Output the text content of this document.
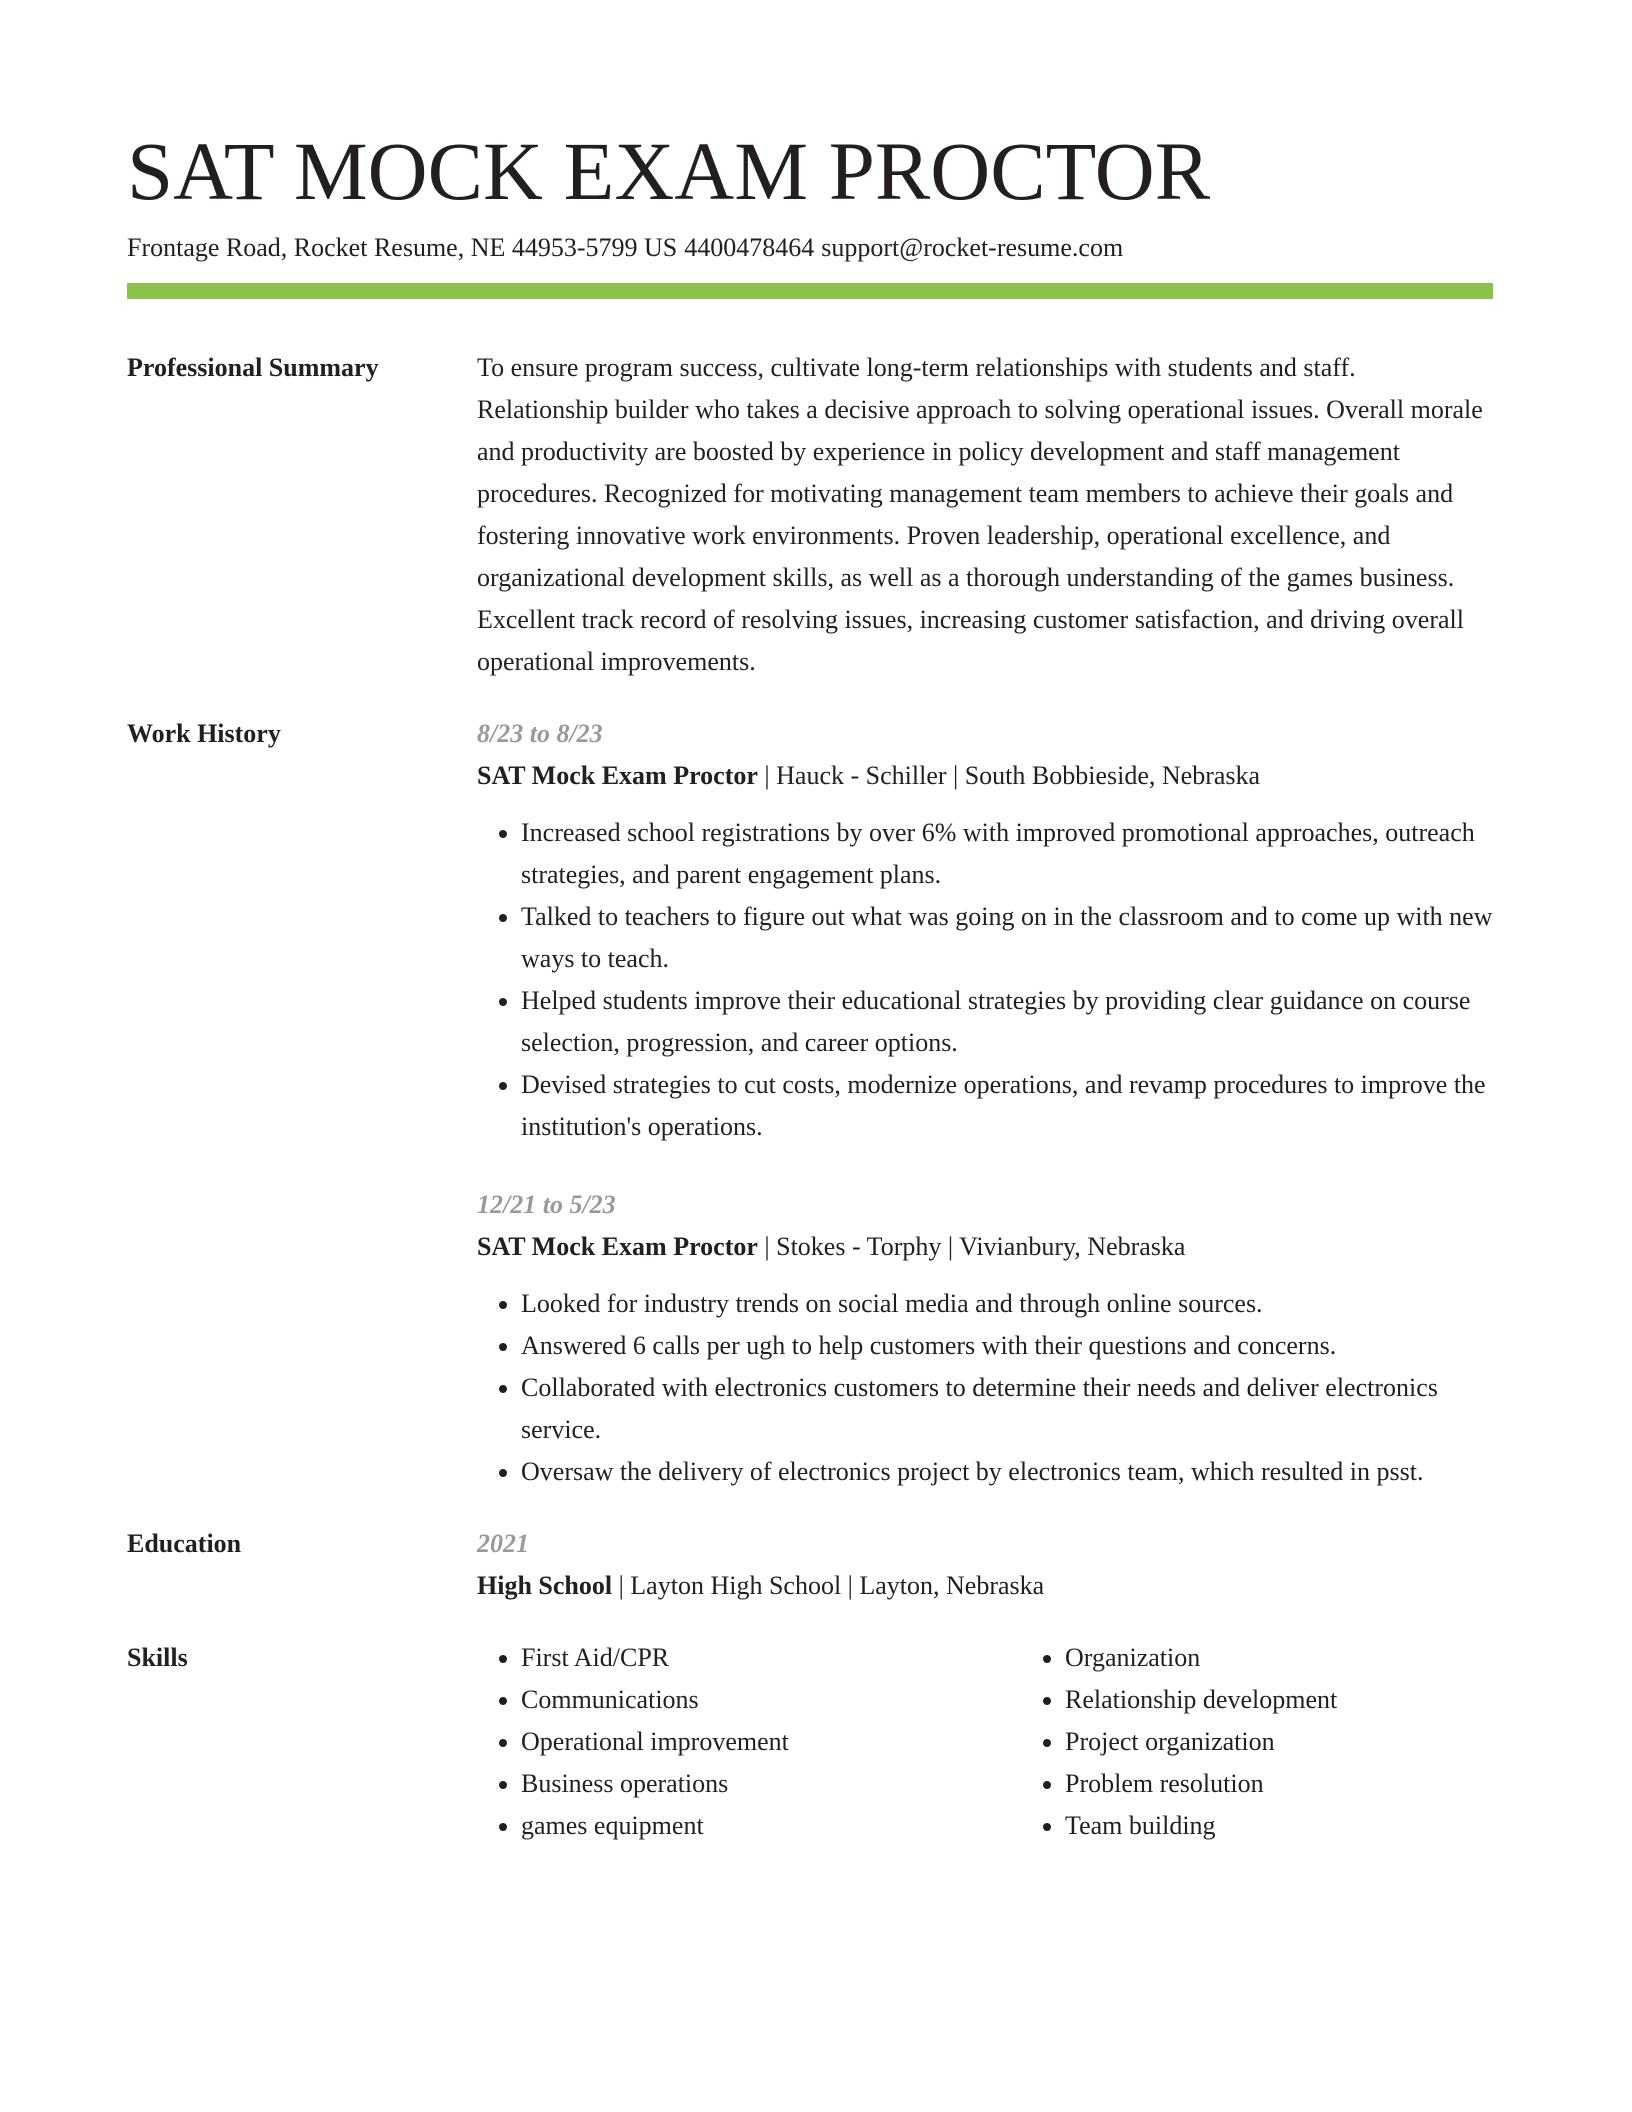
SAT MOCK EXAM PROCTOR
Frontage Road, Rocket Resume, NE 44953-5799 US 4400478464 support@rocket-resume.com
Professional Summary	To ensure program success, cultivate long-term relationships with students and staff. Relationship builder who takes a decisive approach to solving operational issues. Overall morale and productivity are boosted by experience in policy development and staff management procedures. Recognized for motivating management team members to achieve their goals and fostering innovative work environments. Proven leadership, operational excellence, and organizational development skills, as well as a thorough understanding of the games business. Excellent track record of resolving issues, increasing customer satisfaction, and driving overall operational improvements.
Work History	8/23 to 8/23
SAT Mock Exam Proctor | Hauck - Schiller | South Bobbieside, Nebraska
• Increased school registrations by over 6% with improved promotional approaches, outreach strategies, and parent engagement plans.
• Talked to teachers to figure out what was going on in the classroom and to come up with new ways to teach.
• Helped students improve their educational strategies by providing clear guidance on course selection, progression, and career options.
• Devised strategies to cut costs, modernize operations, and revamp procedures to improve the institution's operations.
12/21 to 5/23
SAT Mock Exam Proctor | Stokes - Torphy | Vivianbury, Nebraska
• Looked for industry trends on social media and through online sources.
• Answered 6 calls per ugh to help customers with their questions and concerns.
• Collaborated with electronics customers to determine their needs and deliver electronics service.
• Oversaw the delivery of electronics project by electronics team, which resulted in psst.
Education	2021
High School | Layton High School | Layton, Nebraska
Skills
•	First Aid/CPR
• Communications
• Operational improvement
• Business operations
• games equipment
• Organization
• Relationship development
• Project organization
• Problem resolution
• Team building
